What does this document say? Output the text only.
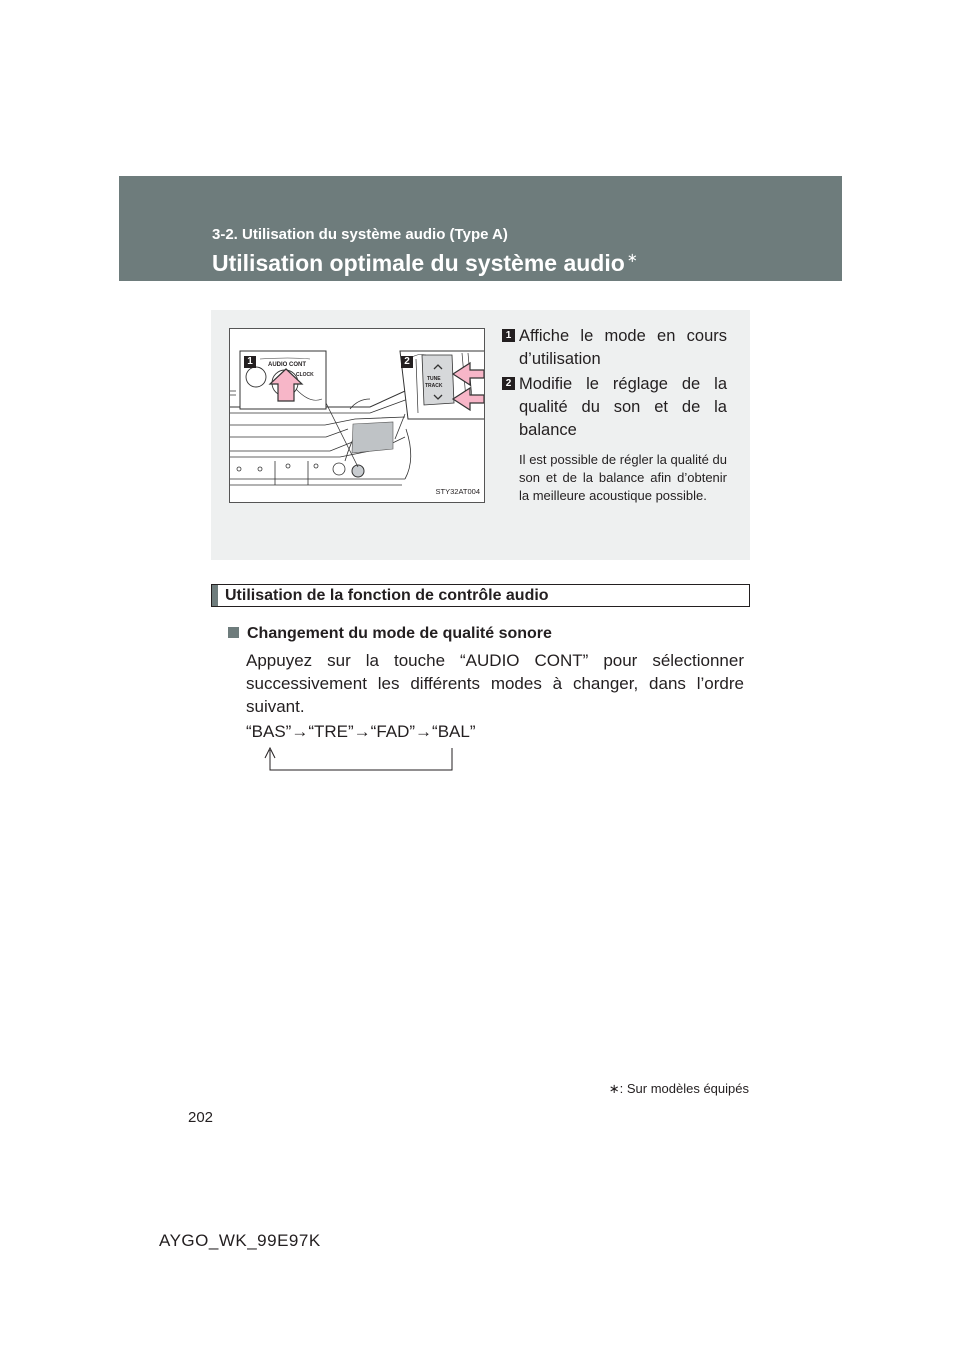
3-2. Utilisation du système audio (Type A)
Utilisation optimale du système audio ∗
1	2
AUDIO CONT
CLOCK
TUNE
TRACK
STY32AT004
1 Affiche le mode en cours d’utilisation
2 Modifie le réglage de la qualité du son et de la balance
Il est possible de régler la qualité du son et de la balance afin d’obtenir la meilleure acoustique possible.
Utilisation de la fonction de contrôle audio
Changement du mode de qualité sonore
Appuyez sur la touche “AUDIO CONT” pour sélectionner successivement les différents modes à changer, dans l’ordre suivant.
“BAS”→“TRE”→“FAD”→“BAL”
∗: Sur modèles équipés
202
AYGO_WK_99E97K
